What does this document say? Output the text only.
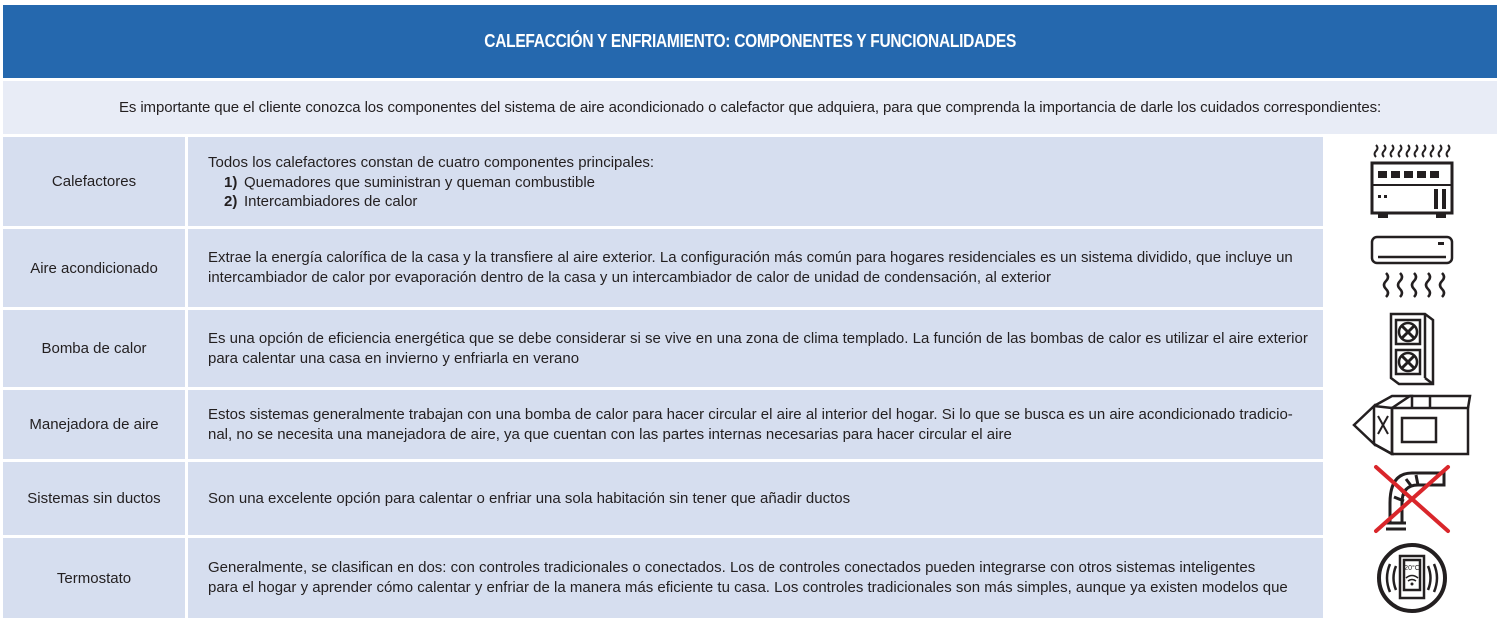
CALEFACCIÓN Y ENFRIAMIENTO: COMPONENTES Y FUNCIONALIDADES
Es importante que el cliente conozca los componentes del sistema de aire acondicionado o calefactor que adquiera, para que comprenda la importancia de darle los cuidados correspondientes:
Calefactores
Todos los calefactores constan de cuatro componentes principales:
1) Quemadores que suministran y queman combustible
2) Intercambiadores de calor
Aire acondicionado
Extrae la energía calorífica de la casa y la transfiere al aire exterior. La configuración más común para hogares residenciales es un sistema dividido, que incluye un
intercambiador de calor por evaporación dentro de la casa y un intercambiador de calor de unidad de condensación, al exterior
Bomba de calor
Es una opción de eficiencia energética que se debe considerar si se vive en una zona de clima templado. La función de las bombas de calor es utilizar el aire exterior
para calentar una casa en invierno y enfriarla en verano
Manejadora de aire
Estos sistemas generalmente trabajan con una bomba de calor para hacer circular el aire al interior del hogar. Si lo que se busca es un aire acondicionado tradicio-
nal, no se necesita una manejadora de aire, ya que cuentan con las partes internas necesarias para hacer circular el aire
Sistemas sin ductos	Son una excelente opción para calentar o enfriar una sola habitación sin tener que añadir ductos
Termostato
Generalmente, se clasifican en dos: con controles tradicionales o conectados. Los de controles conectados pueden integrarse con otros sistemas inteligentes
para el hogar y aprender cómo calentar y enfriar de la manera más eficiente tu casa. Los controles tradicionales son más simples, aunque ya existen modelos que
20°C
